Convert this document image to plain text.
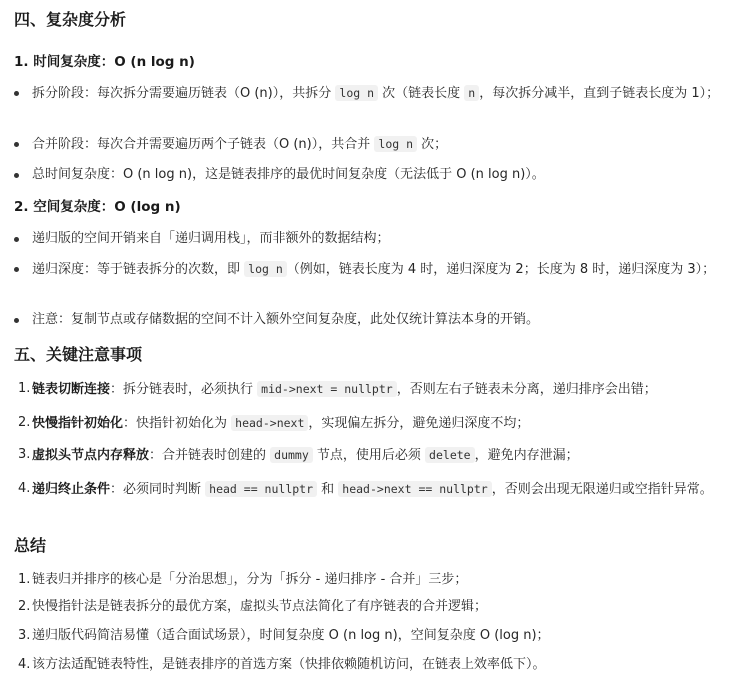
四、复杂度分析
1. 时间复杂度：O (n log n)
拆分阶段：每次拆分需要遍历链表（O (n)），共拆分 log n 次（链表长度 n ，每次拆分减半，直到子链表长度为 1）；
合并阶段：每次合并需要遍历两个子链表（O (n)），共合并 log n 次；
总时间复杂度：O (n log n)，这是链表排序的最优时间复杂度（无法低于 O (n log n)）。
2. 空间复杂度：O (log n)
递归版的空间开销来自「递归调用栈」，而非额外的数据结构；
递归深度：等于链表拆分的次数，即 log n （例如，链表长度为 4 时，递归深度为 2；长度为 8 时，递归深度为 3）；
注意：复制节点或存储数据的空间不计入额外空间复杂度，此处仅统计算法本身的开销。
五、关键注意事项
1. 链表切断连接：拆分链表时，必须执行 mid->next = nullptr ，否则左右子链表未分离，递归排序会出错；
2. 快慢指针初始化：快指针初始化为 head->next ，实现偏左拆分，避免递归深度不均；
3. 虚拟头节点内存释放：合并链表时创建的 dummy 节点，使用后必须 delete ，避免内存泄漏；
4. 递归终止条件：必须同时判断 head == nullptr 和 head->next == nullptr ，否则会出现无限递归或空指针异常。
总结
1. 链表归并排序的核心是「分治思想」，分为「拆分 - 递归排序 - 合并」三步；
2. 快慢指针法是链表拆分的最优方案，虚拟头节点法简化了有序链表的合并逻辑；
3. 递归版代码简洁易懂（适合面试场景），时间复杂度 O (n log n)，空间复杂度 O (log n)；
4. 该方法适配链表特性，是链表排序的首选方案（快排依赖随机访问，在链表上效率低下）。
